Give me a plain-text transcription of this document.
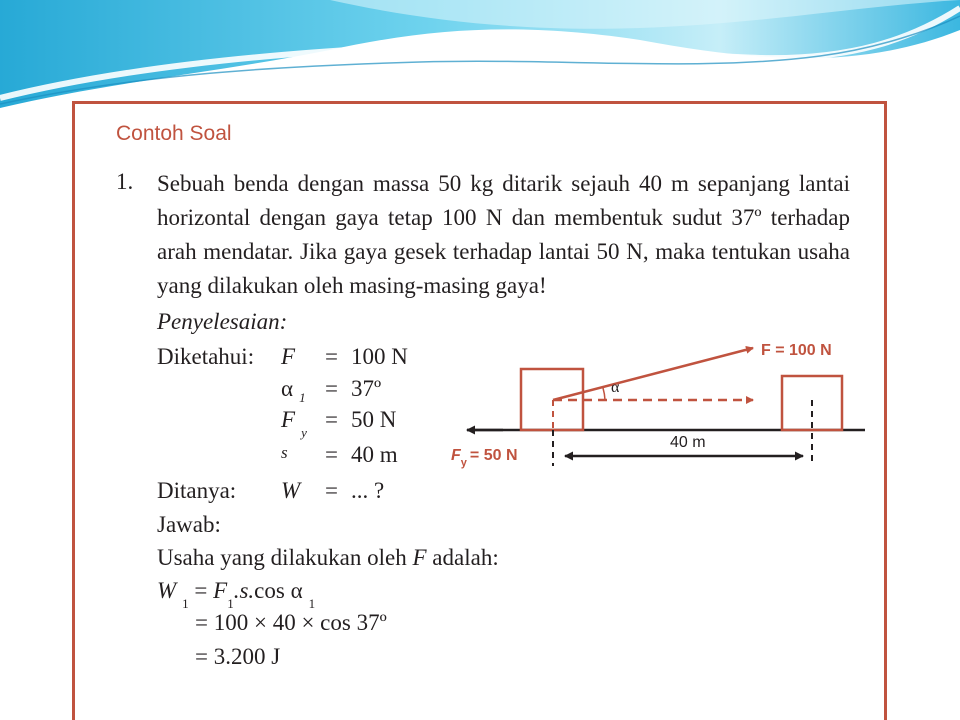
Contoh Soal
1. Sebuah benda dengan massa 50 kg ditarik sejauh 40 m sepanjang lantai horizontal dengan gaya tetap 100 N dan membentuk sudut 37º terhadap arah mendatar. Jika gaya gesek terhadap lantai 50 N, maka tentukan usaha yang dilakukan oleh masing-masing gaya!
Penyelesaian:
Diketahui: F = 100 N
α $_1$ = 37º
$F_y$
= 50 N
s = 40 m
Ditanya: W = ... ?
Jawab:
Usaha yang dilakukan oleh F adalah:
$W_1 = F_1.s.\cos$ $\alpha_1$
= 100 × 40 × cos 37º
= 3.200 J
α
F = 100 N
40 m
$F_y = 50$ N
